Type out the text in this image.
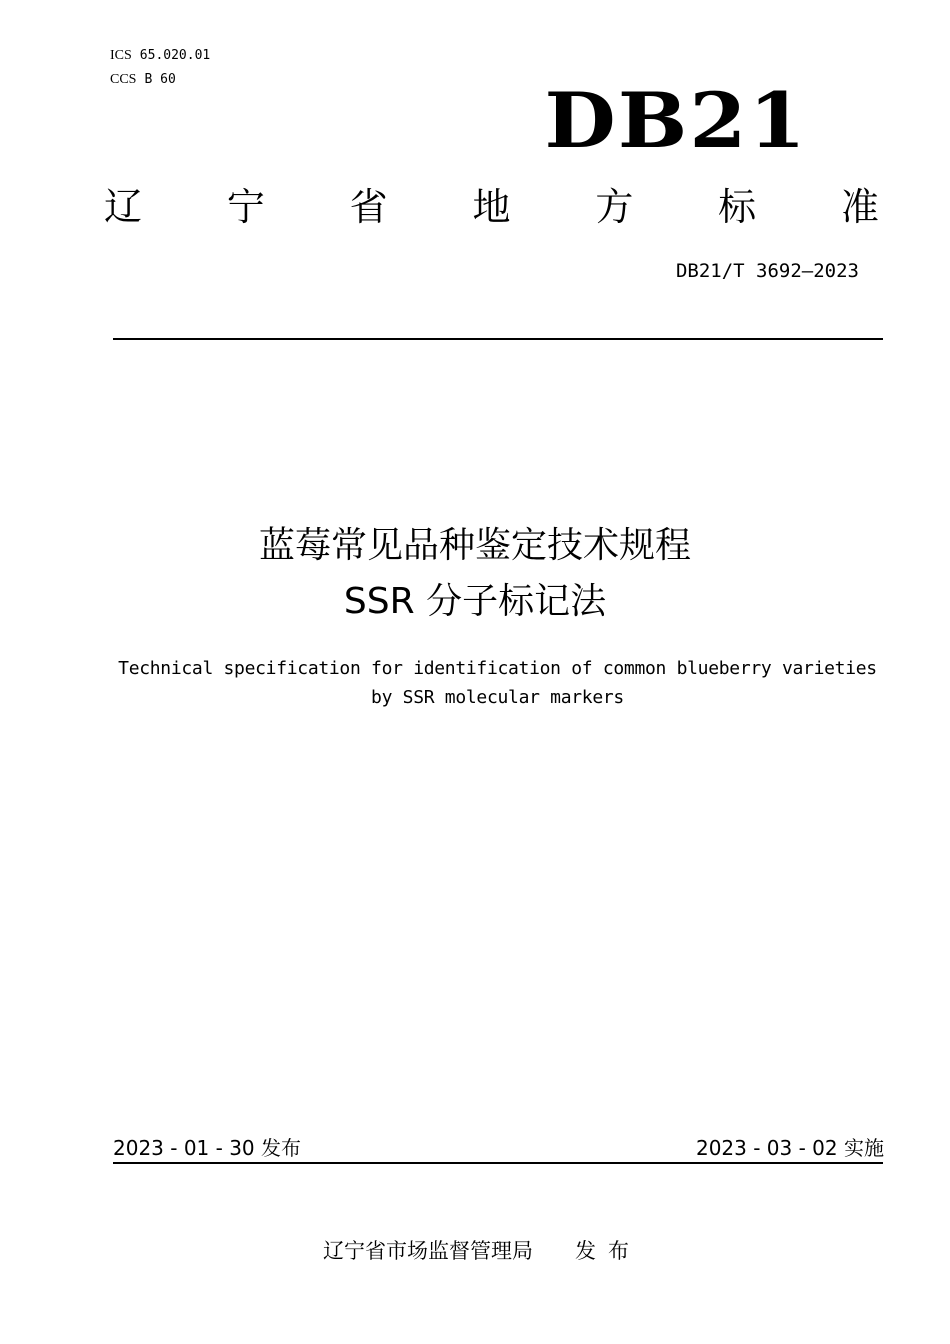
ICS 65.020.01
CCS B 60	DB21
辽 宁 省 地 方 标 准
DB21/T 3692—2023
蓝莓常见品种鉴定技术规程
SSR 分子标记法
Technical specification for identification of common blueberry varieties
by SSR molecular markers
2023 - 01 - 30 发布	2023 - 03 - 02 实施
辽宁省市场监督管理局 发布
